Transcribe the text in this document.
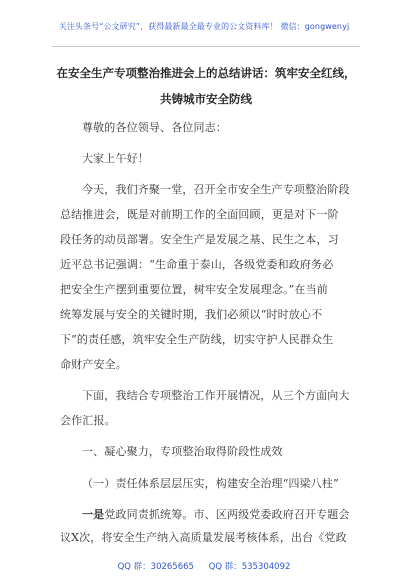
关注头条号“公文研究”，获得最新最全最专业的公文资料库！ 微信：gongwenyj
在安全生产专项整治推进会上的总结讲话：筑牢安全红线，
共铸城市安全防线
尊敬的各位领导、各位同志：
大家上午好！
今天，我们齐聚一堂，召开全市安全生产专项整治阶段
总结推进会，既是对前期工作的全面回顾，更是对下一阶
段任务的动员部署。安全生产是发展之基、民生之本，习
近平总书记强调：“生命重于泰山，各级党委和政府务必
把安全生产摆到重要位置，树牢安全发展理念。”在当前
统筹发展与安全的关键时期，我们必须以“时时放心不
下”的责任感，筑牢安全生产防线，切实守护人民群众生
命财产安全。
下面，我结合专项整治工作开展情况，从三个方面向大
会作汇报。
一、凝心聚力，专项整治取得阶段性成效
（一）责任体系层层压实，构建安全治理“四梁八柱”
一是党政同责抓统筹。市、区两级党委政府召开专题会
议X次，将安全生产纳入高质量发展考核体系，出台《党政
QQ 群：30265665 QQ 群：535304092
